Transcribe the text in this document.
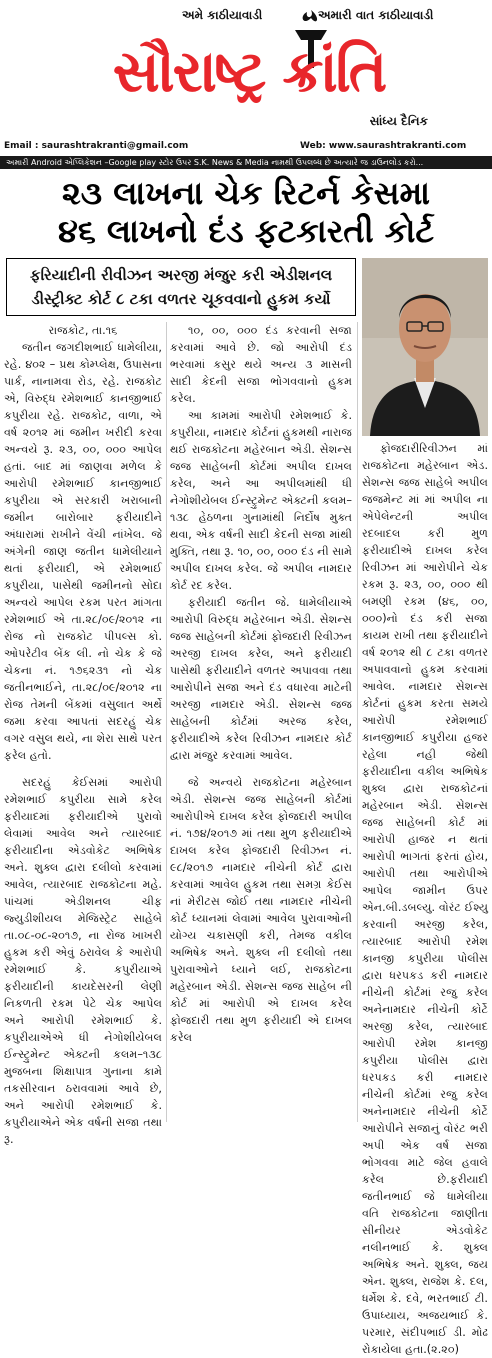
અમે કાઠીયાવાડી	અમારી વાત કાઠીયાવાડી
સૌરાષ્ટ્ર ક્રાંતિ
સાંધ્ય દૈનિક
Email : saurashtrakranti@gmail.com	Web: www.saurashtrakranti.com
અમારી Android એપ્લિકેશન –Google play સ્ટોર ઉપર S.K. News & Media નામથી ઉપલબ્ધ છે અત્યારે જ ડાઉનલોડ કરો...
૨૩ લાખના ચેક રિટર્ન કેસમા
૪૬ લાખનો દંડ ફટકારતી કોર્ટ
ફરિયાદીની રીવીઝન અરજી મંજુર કરી એડીશનલ
ડીસ્ટ્રીક્ટ કોર્ટ ૮ ટકા વળતર ચૂકવવાનો હુકમ કર્યો

રાજકોટ, તા.૧૬

જતીન જગદીશભાઈ ધામેલીયા, રહે. ૪૦૨ – પ્રથ કોમ્પ્લેક્ષ, ઉપાસના પાર્ક, નાનામવા રોડ, રહે. રાજકોટ એ, વિરુદ્ધ રમેશભાઈ કાનજીભાઈ કપુરીયા રહે. રાજકોટ, વાળા, એ વર્ષ ૨૦૧૨ માં જમીન ખરીદી કરવા અન્વયે રૂ. ૨૩, ૦૦, ૦૦૦ આપેલ હતાં. બાદ માં જાણવા મળેલ કે આરોપી રમેશભાઈ કાનજીભાઈ કપુરીયા એ સરકારી ખરાબાની જમીન બારોબાર ફરીયાદીને અંધારામાં રાખીને વેંચી નાંખેલ. જે અંગેની જાણ જતીન ધામેલીયાને થતાં ફરીયાદી, એ રમેશભાઈ કપુરીયા, પાસેથી જમીનનો સોદા અન્વયે આપેલ રકમ પરત માંગતા રમેશભાઈ એ તા.૨૮/૦૯/૨૦૧૨ ના રોજ નો રાજકોટ પીપલ્સ કો. ઓપરેટીવ બેંક લી. નો ચેક કે જે ચેકના નં. ૧૭૬૨૩૧ નો ચેક જતીનભાઈને, તા.૨૮/૦૯/૨૦૧૨ ના રોજ તેમની બેંકમાં વસુલાત અર્થે જમા કરવા આપતાં સદરહું ચેક વગર વસુલ થયે, ના શેરા સાથે પરત ફરેલ હતો.

સદરહું કેઈસમાં આરોપી રમેશભાઈ કપુરીયા સામે કરેલ ફરીયાદમાં ફરીયાદીએ પુરાવો લેવામાં આવેલ અને ત્યારબાદ ફરીયાદીના એડવોકેટ અભિષેક અને. શુક્લ દ્વારા દલીલો કરવામાં આવેલ, ત્યારબાદ રાજકોટના મહે. પાંચમાં એડીશનલ ચીફ જ્યુડીશીયલ મેજિસ્ટ્રેટ સાહેબે તા.૦૮-૦૮-૨૦૧૭, ના રોજ ખાખરી હુકમ કરી એવું ઠરાવેલ કે આરોપી રમેશભાઈ કે. કપુરીયાએ ફરીયાદીની કાયદેસરની લેણી નિકળતી રકમ પેટે ચેક આપેલ અને આરોપી રમેશભાઈ કે. કપુરીયાએએ ધી નેગોશીયેબલ ઈન્સ્ટ્રુમેન્ટ એક્ટની કલમ–૧૩૮ મુજબના શિક્ષાપાત્ર ગુનાના કામે તકસીરવાન ઠરાવવામાં આવે છે, અને આરોપી રમેશભાઈ કે. કપુરીયાએને એક વર્ષની સજા તથા રૂ.

૧૦, ૦૦, ૦૦૦ દંડ કરવાની સજા કરવામાં આવે છે. જો આરોપી દંડ ભરવામાં કસુર થયે અન્ય ૩ માસની સાદી કેદની સજા ભોગવવાનો હુકમ કરેલ.

આ કામમાં આરોપી રમેશભાઈ કે. કપુરીયા, નામદાર કોર્ટનાં હુકમથી નારાજ થઈ રાજકોટના મહેરબાન એડી. સેશન્સ જજ સાહેબની કોર્ટમાં અપીલ દાખલ કરેલ, અને આ અપીલમાંથી ધી નેગોશીયેબલ ઈન્સ્ટ્રુમેન્ટ એક્ટની કલમ–૧૩૮ હેઠળના ગુનામાંથી નિર્દોષ મુક્ત થવા, એક વર્ષની સાદી કેદની સજા માંથી મુક્તિ, તથા રૂ. ૧૦, ૦૦, ૦૦૦ દંડ ની સામે અપીલ દાખલ કરેલ. જે અપીલ નામદાર કોર્ટ રદ કરેલ.

ફરીયાદી જતીન જે. ધામેલીયાએ આરોપી વિરુદ્ધ મહેરબાન એડી. સેશન્સ જજ સાહેબની કોર્ટમાં ફોજદારી રિવીઝન અરજી દાખલ કરેલ, અને ફરીયાદી પાસેથી ફરીયાદીને વળતર અપાવવા તથા આરોપીને સજા અને દંડ વધારવા માટેની અરજી નામદાર એડી. સેશન્સ જજ સાહેબની કોર્ટમાં અરજ કરેલ, ફરીયાદીએ કરેલ રિવીઝન નામદાર કોર્ટ દ્વારા મંજુર કરવામાં આવેલ.

જે અન્વયે રાજકોટના મહેરબાન એડી. સેશન્સ જજ સાહેબની કોર્ટમાં આરોપીએ દાખલ કરેલ ફોજદારી અપીલ નં. ૧૭૪/૨૦૧૭ માં તથા મુળ ફરીયાદીએ દાખલ કરેલ ફોજદારી રિવીઝન નં. ૯૮/૨૦૧૭ નામદાર નીચેની કોર્ટ દ્વારા કરવામાં આવેલ હુકમ તથા સમગ્ર કેઈસ નાં મેરીટસ જોઈ તથા નામદાર નીચેની કોર્ટ ધ્યાનમાં લેવામાં આવેલ પુરાવાઓની યોગ્ય ચકાસણી કરી, તેમજ વકીલ અભિષેક અને. શુક્લ ની દલીલો તથા પુરાવાઓને ધ્યાને લઈ, રાજકોટના મહેરબાન એડી. સેશન્સ જજ સાહેબ ની કોર્ટ માં આરોપી એ દાખલ કરેલ ફોજદારી તથા મુળ ફરીયાદી એ દાખલ કરેલ

ફોજદારીરિવીઝન માં રાજકોટના મહેરબાન એડ. સેશન્સ જજ સાહેબે અપીલ જજમેન્ટ માં માં અપીલ ના એપેલેન્ટની અપીલ રદબાદલ કરી મુળ ફરીયાદીએ દાખલ કરેલ રિવીઝન માં આરોપીને ચેક રકમ રૂ. ૨૩, ૦૦, ૦૦૦ થી બમણી રકમ (૪૬, ૦૦, ૦૦૦)નો દંડ કરી સજા કાયમ રાખી તથા ફરીયાદીને વર્ષ ૨૦૧૨ થી ૮ ટકા વળતર અપાવવાનો હુકમ કરવામાં આવેલ. નામદાર સેશન્સ કોર્ટનાં હુકમ કરતા સમયે આરોપી રમેશભાઈ કાનજીભાઈ કપુરીયા હજર રહેલા નહી જેથી ફરીયાદીના વકીલ અભિષેક શુક્લ દ્વારા રાજકોટનાં મહેરબાન એડી. સેશન્સ જજ સાહેબની કોર્ટ માં આરોપી હાજર ન થતાં આરોપી ભાગતાં ફરતાં હોય, આરોપી તથા આરોપીએ આપેલ જામીન ઉપર એન.બી.ડબલ્યુ. વોરંટ ઈશ્યુ કરવાની અરજી કરેલ, ત્યારબાદ આરોપી રમેશ કાનજી કપુરીયા પોલીસ દ્વારા ધરપકડ કરી નામદાર નીચેની કોર્ટમાં રજુ કરેલ અનેનામદાર નીચેની કોર્ટે અરજી કરેલ, ત્યારબાદ આરોપી રમેશ કાનજી કપુરીયા પોલીસ દ્વારા ધરપકડ કરી નામદાર નીચેની કોર્ટમાં રજુ કરેલ અનેનામદાર નીચેની કોર્ટે આરોપીને સજાનું વોરંટ ભરી અપી એક વર્ષ સજા ભોગવવા માટે જેલ હવાલે કરેલ છે.ફરીયાદી જતીનભાઈ જે ધામેલીયા વતિ રાજકોટના જાણીતા સીનીયર એડવોકેટ નલીનભાઈ કે. શુક્લ અભિષેક અને. શુક્લ, જય એન. શુક્લ, રાજેશ કે. દલ, ધર્મેશ કે. દવે, ભરતભાઈ ટી. ઉપાધ્યાય, અજયભાઈ કે. પરમાર, સંદીપભાઈ ડી. મોઢ રોકાયેલા હતા.(૨.૨૦)
